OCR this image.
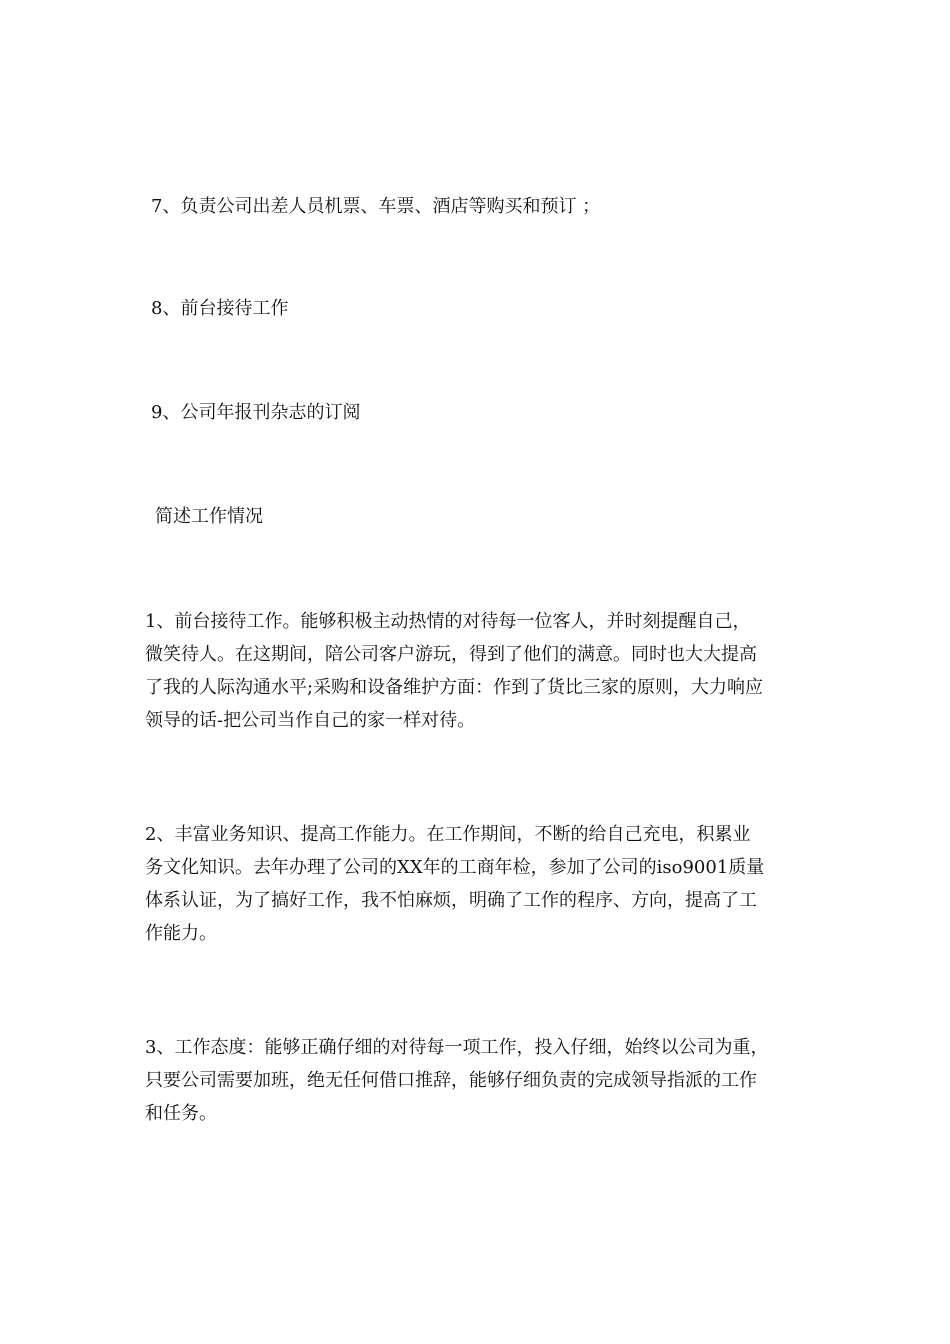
7、负责公司出差人员机票、车票、酒店等购买和预订 ；
8、前台接待工作
9、公司年报刊杂志的订阅
简述工作情况
1、前台接待工作。能够积极主动热情的对待每一位客人，并时刻提醒自己，
微笑待人。在这期间，陪公司客户游玩，得到了他们的满意。同时也大大提高
了我的人际沟通水平;采购和设备维护方面：作到了货比三家的原则，大力响应
领导的话-把公司当作自己的家一样对待。
2、丰富业务知识、提高工作能力。在工作期间，不断的给自己充电，积累业
务文化知识。去年办理了公司的XX年的工商年检，参加了公司的iso9001质量
体系认证，为了搞好工作，我不怕麻烦，明确了工作的程序、方向，提高了工
作能力。
3、工作态度：能够正确仔细的对待每一项工作，投入仔细，始终以公司为重，
只要公司需要加班，绝无任何借口推辞，能够仔细负责的完成领导指派的工作
和任务。
